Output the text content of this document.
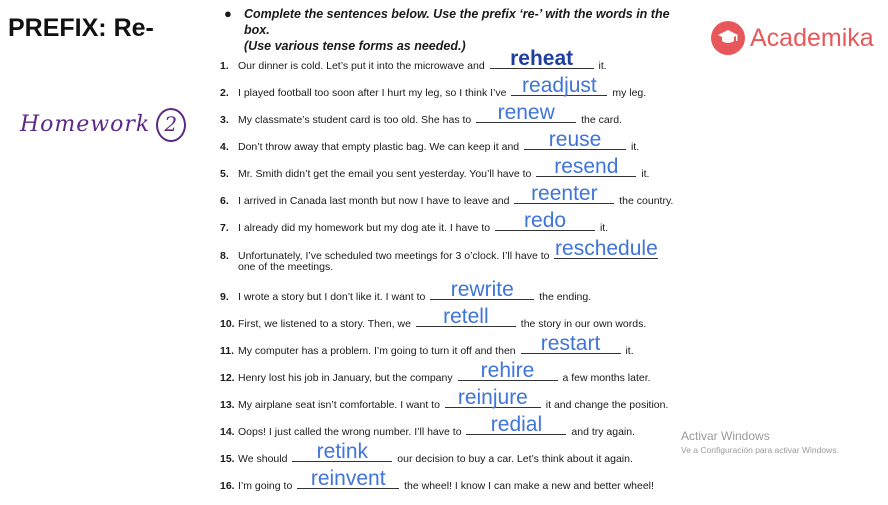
PREFIX: Re-
Homework 2
● Complete the sentences below. Use the prefix ‘re-’ with the words in the box.
(Use various tense forms as needed.)	Academika
1. Our dinner is cold. Let’s put it into the microwave and	reheat	it.
2. I played football too soon after I hurt my leg, so I think I’ve readjust	my leg.
3. My classmate’s student card is too old. She has to	renew	the card.
4. Don’t throw away that empty plastic bag. We can keep it and	reuse	it.
5. Mr. Smith didn’t get the email you sent yesterday. You’ll have to	resend	it.
6. I arrived in Canada last month but now I have to leave and	reenter	the country.
7. I already did my homework but my dog ate it. I have to	redo	it.
8. Unfortunately, I’ve scheduled two meetings for 3 o’clock. I’ll have to reschedule
one of the meetings.
9. I wrote a story but I don’t like it. I want to	rewrite	the ending.
10. First, we listened to a story. Then, we	retell	the story in our own words.
11. My computer has a problem. I’m going to turn it off and then	restart	it.
12. Henry lost his job in January, but the company	rehire	a few months later.
13. My airplane seat isn’t comfortable. I want to reinjure	it and change the position.
14. Oops! I just called the wrong number. I’ll have to	redial	and try again.
15. We should	retink	our decision to buy a car. Let’s think about it again.
16. I’m going to reinvent	the wheel! I know I can make a new and better wheel!
Activar Windows
Ve a Configuración para activar Windows.
